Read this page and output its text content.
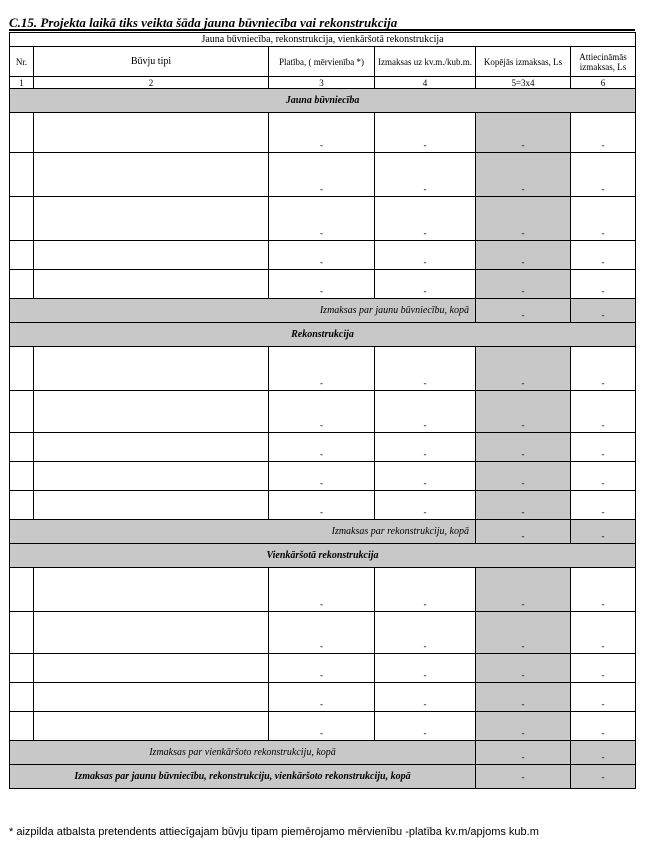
C.15. Projekta laikā tiks veikta šāda jauna būvniecība vai rekonstrukcija
Jauna būvniecība, rekonstrukcija, vienkāršotā rekonstrukcija					
Nr.	Būvju tipi	Platība, ( mērvienība *)	Izmaksas uz kv.m./kub.m.	Kopējās izmaksas, Ls	Attiecināmās izmaksas, Ls
1	2	3	4	5=3x4	6
Jauna būvniecība					
		-	-	-	-
		-	-	-	-
		-	-	-	-
		-	-	-	-
		-	-	-	-
Izmaksas par jaunu būvniecību, kopā				-	-
Rekonstrukcija					
		-	-	-	-
		-	-	-	-
		-	-	-	-
		-	-	-	-
		-	-	-	-
Izmaksas par rekonstrukciju, kopā				-	-
Vienkāršotā rekonstrukcija					
		-	-	-	-
		-	-	-	-
		-	-	-	-
		-	-	-	-
		-	-	-	-
Izmaksas par vienkāršoto rekonstrukciju, kopā				-	-
Izmaksas par jaunu būvniecību, rekonstrukciju, vienkāršoto rekonstrukciju, kopā				-	-
* aizpilda atbalsta pretendents attiecīgajam būvju tipam piemērojamo mērvienību -platība kv.m/apjoms kub.m
